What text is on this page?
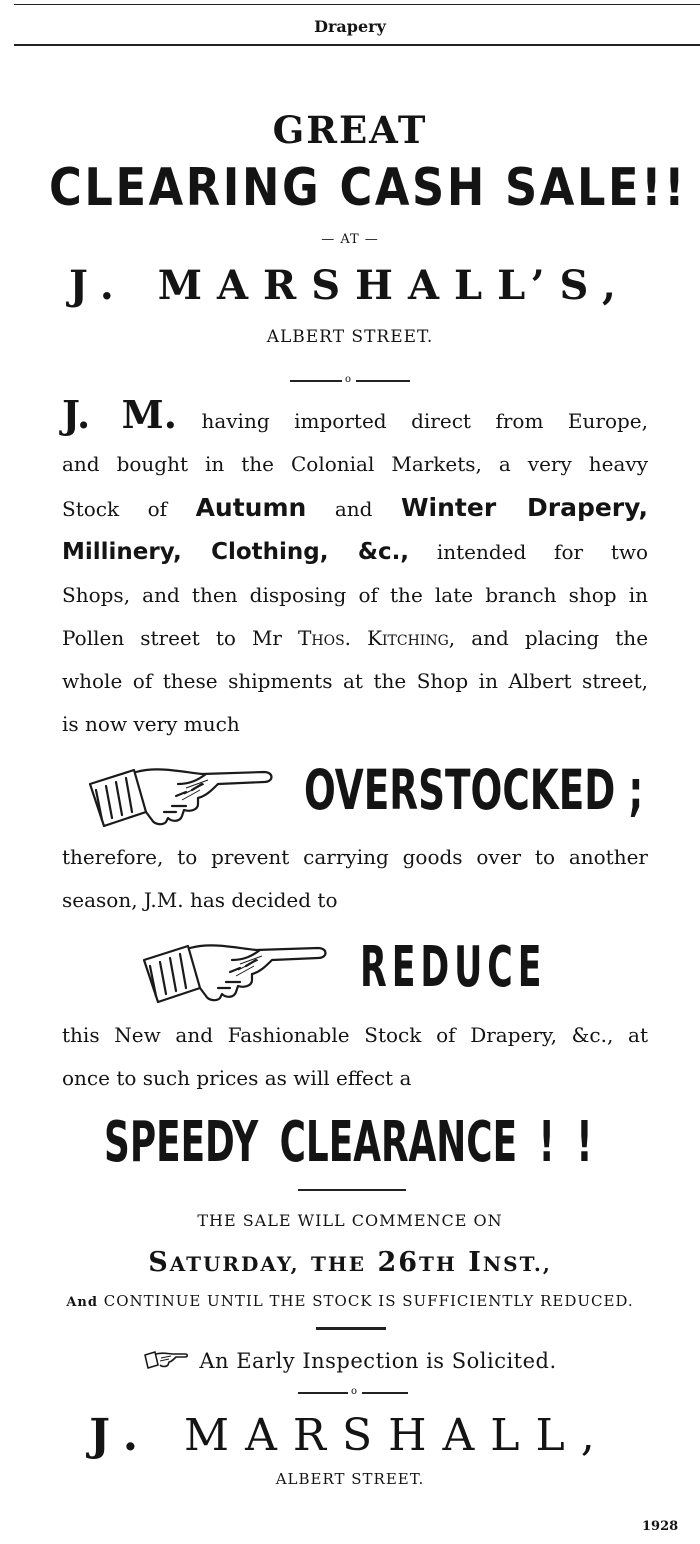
Drapery
GREAT
CLEARING CASH SALE!!
— AT —
J. MARSHALL’S,
ALBERT STREET.
o
J. M. having imported direct from Europe,
and bought in the Colonial Markets, a very heavy
Stock of Autumn and Winter Drapery,
Millinery, Clothing, &c., intended for two
Shops, and then disposing of the late branch shop in
Pollen street to Mr Thos. Kitching, and placing the
whole of these shipments at the Shop in Albert street,
is now very much
OVERSTOCKED ;
therefore, to prevent carrying goods over to another
season, J.M. has decided to
REDUCE
this New and Fashionable Stock of Drapery, &c., at
once to such prices as will effect a
SPEEDY CLEARANCE ! !
THE SALE WILL COMMENCE ON
SATURDAY, THE 26TH INST.,
And CONTINUE UNTIL THE STOCK IS SUFFICIENTLY REDUCED.
An Early Inspection is Solicited.
o
J. MARSHALL,
ALBERT STREET.
1928
